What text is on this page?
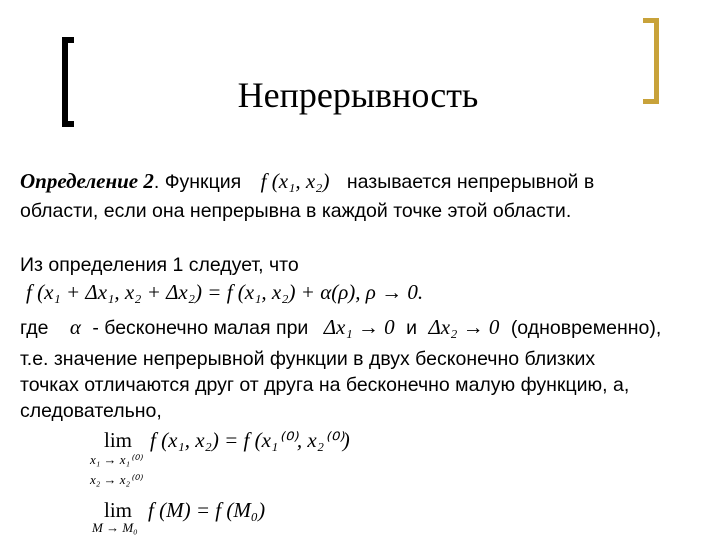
Непрерывность
Определение 2. Функция f (x₁, x₂) называется непрерывной в
области, если она непрерывна в каждой точке этой области.
Из определения 1 следует, что
f (x₁ + Δx₁, x₂ + Δx₂) = f (x₁, x₂) + α(ρ), ρ → 0.
где α - бесконечно малая при Δx₁ → 0 и Δx₂ → 0 (одновременно),
т.е. значение непрерывной функции в двух бесконечно близких
точках отличаются друг от друга на бесконечно малую функцию, а,
следовательно,
lim f (x₁, x₂) = f (x₁⁽⁰⁾, x₂⁽⁰⁾)
x₁ → x₁⁽⁰⁾
x₂ → x₂⁽⁰⁾
lim f (M) = f (M₀)
M → M₀
